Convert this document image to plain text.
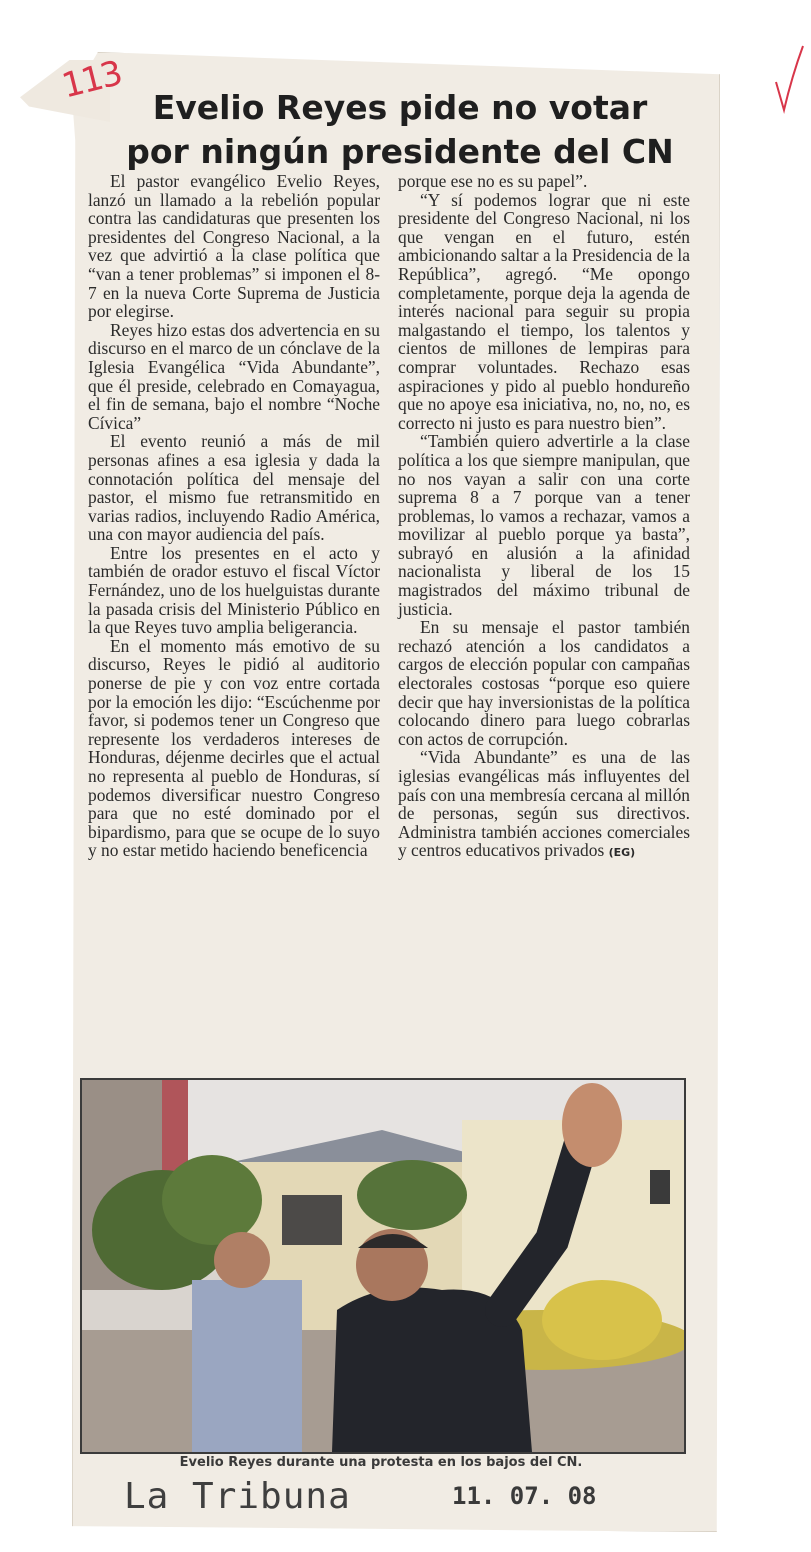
113
Evelio Reyes pide no votar
por ningún presidente del CN

El pastor evangélico Evelio Reyes, lanzó un llamado a la rebelión popular contra las candidaturas que presenten los presidentes del Congreso Nacional, a la vez que advirtió a la clase política que “van a tener problemas” si imponen el 8-7 en la nueva Corte Suprema de Justicia por elegirse.

Reyes hizo estas dos advertencia en su discurso en el marco de un cónclave de la Iglesia Evangélica “Vida Abundante”, que él preside, celebrado en Comayagua, el fin de semana, bajo el nombre “Noche Cívica”

El evento reunió a más de mil personas afines a esa iglesia y dada la connotación política del mensaje del pastor, el mismo fue retransmitido en varias radios, incluyendo Radio América, una con mayor audiencia del país.

Entre los presentes en el acto y también de orador estuvo el fiscal Víctor Fernández, uno de los huelguistas durante la pasada crisis del Ministerio Público en la que Reyes tuvo amplia beligerancia.

En el momento más emotivo de su discurso, Reyes le pidió al auditorio ponerse de pie y con voz entre cortada por la emoción les dijo: “Escúchenme por favor, si podemos tener un Congreso que represente los verdaderos intereses de Honduras, déjenme decirles que el actual no representa al pueblo de Honduras, sí podemos diversificar nuestro Congreso para que no esté dominado por el bipardismo, para que se ocupe de lo suyo y no estar metido haciendo beneficencia

porque ese no es su papel”.

“Y sí podemos lograr que ni este presidente del Congreso Nacional, ni los que vengan en el futuro, estén ambicionando saltar a la Presidencia de la República”, agregó. “Me opongo completamente, porque deja la agenda de interés nacional para seguir su propia malgastando el tiempo, los talentos y cientos de millones de lempiras para comprar voluntades. Rechazo esas aspiraciones y pido al pueblo hondureño que no apoye esa iniciativa, no, no, no, es correcto ni justo es para nuestro bien”.

“También quiero advertirle a la clase política a los que siempre manipulan, que no nos vayan a salir con una corte suprema 8 a 7 porque van a tener problemas, lo vamos a rechazar, vamos a movilizar al pueblo porque ya basta”, subrayó en alusión a la afinidad nacionalista y liberal de los 15 magistrados del máximo tribunal de justicia.

En su mensaje el pastor también rechazó atención a los candidatos a cargos de elección popular con campañas electorales costosas “porque eso quiere decir que hay inversionistas de la política colocando dinero para luego cobrarlas con actos de corrupción.

“Vida Abundante” es una de las iglesias evangélicas más influyentes del país con una membresía cercana al millón de personas, según sus directivos. Administra también acciones comerciales y centros educativos privados (EG)

Evelio Reyes durante una protesta en los bajos del CN.
La Tribuna	11. 07. 08
